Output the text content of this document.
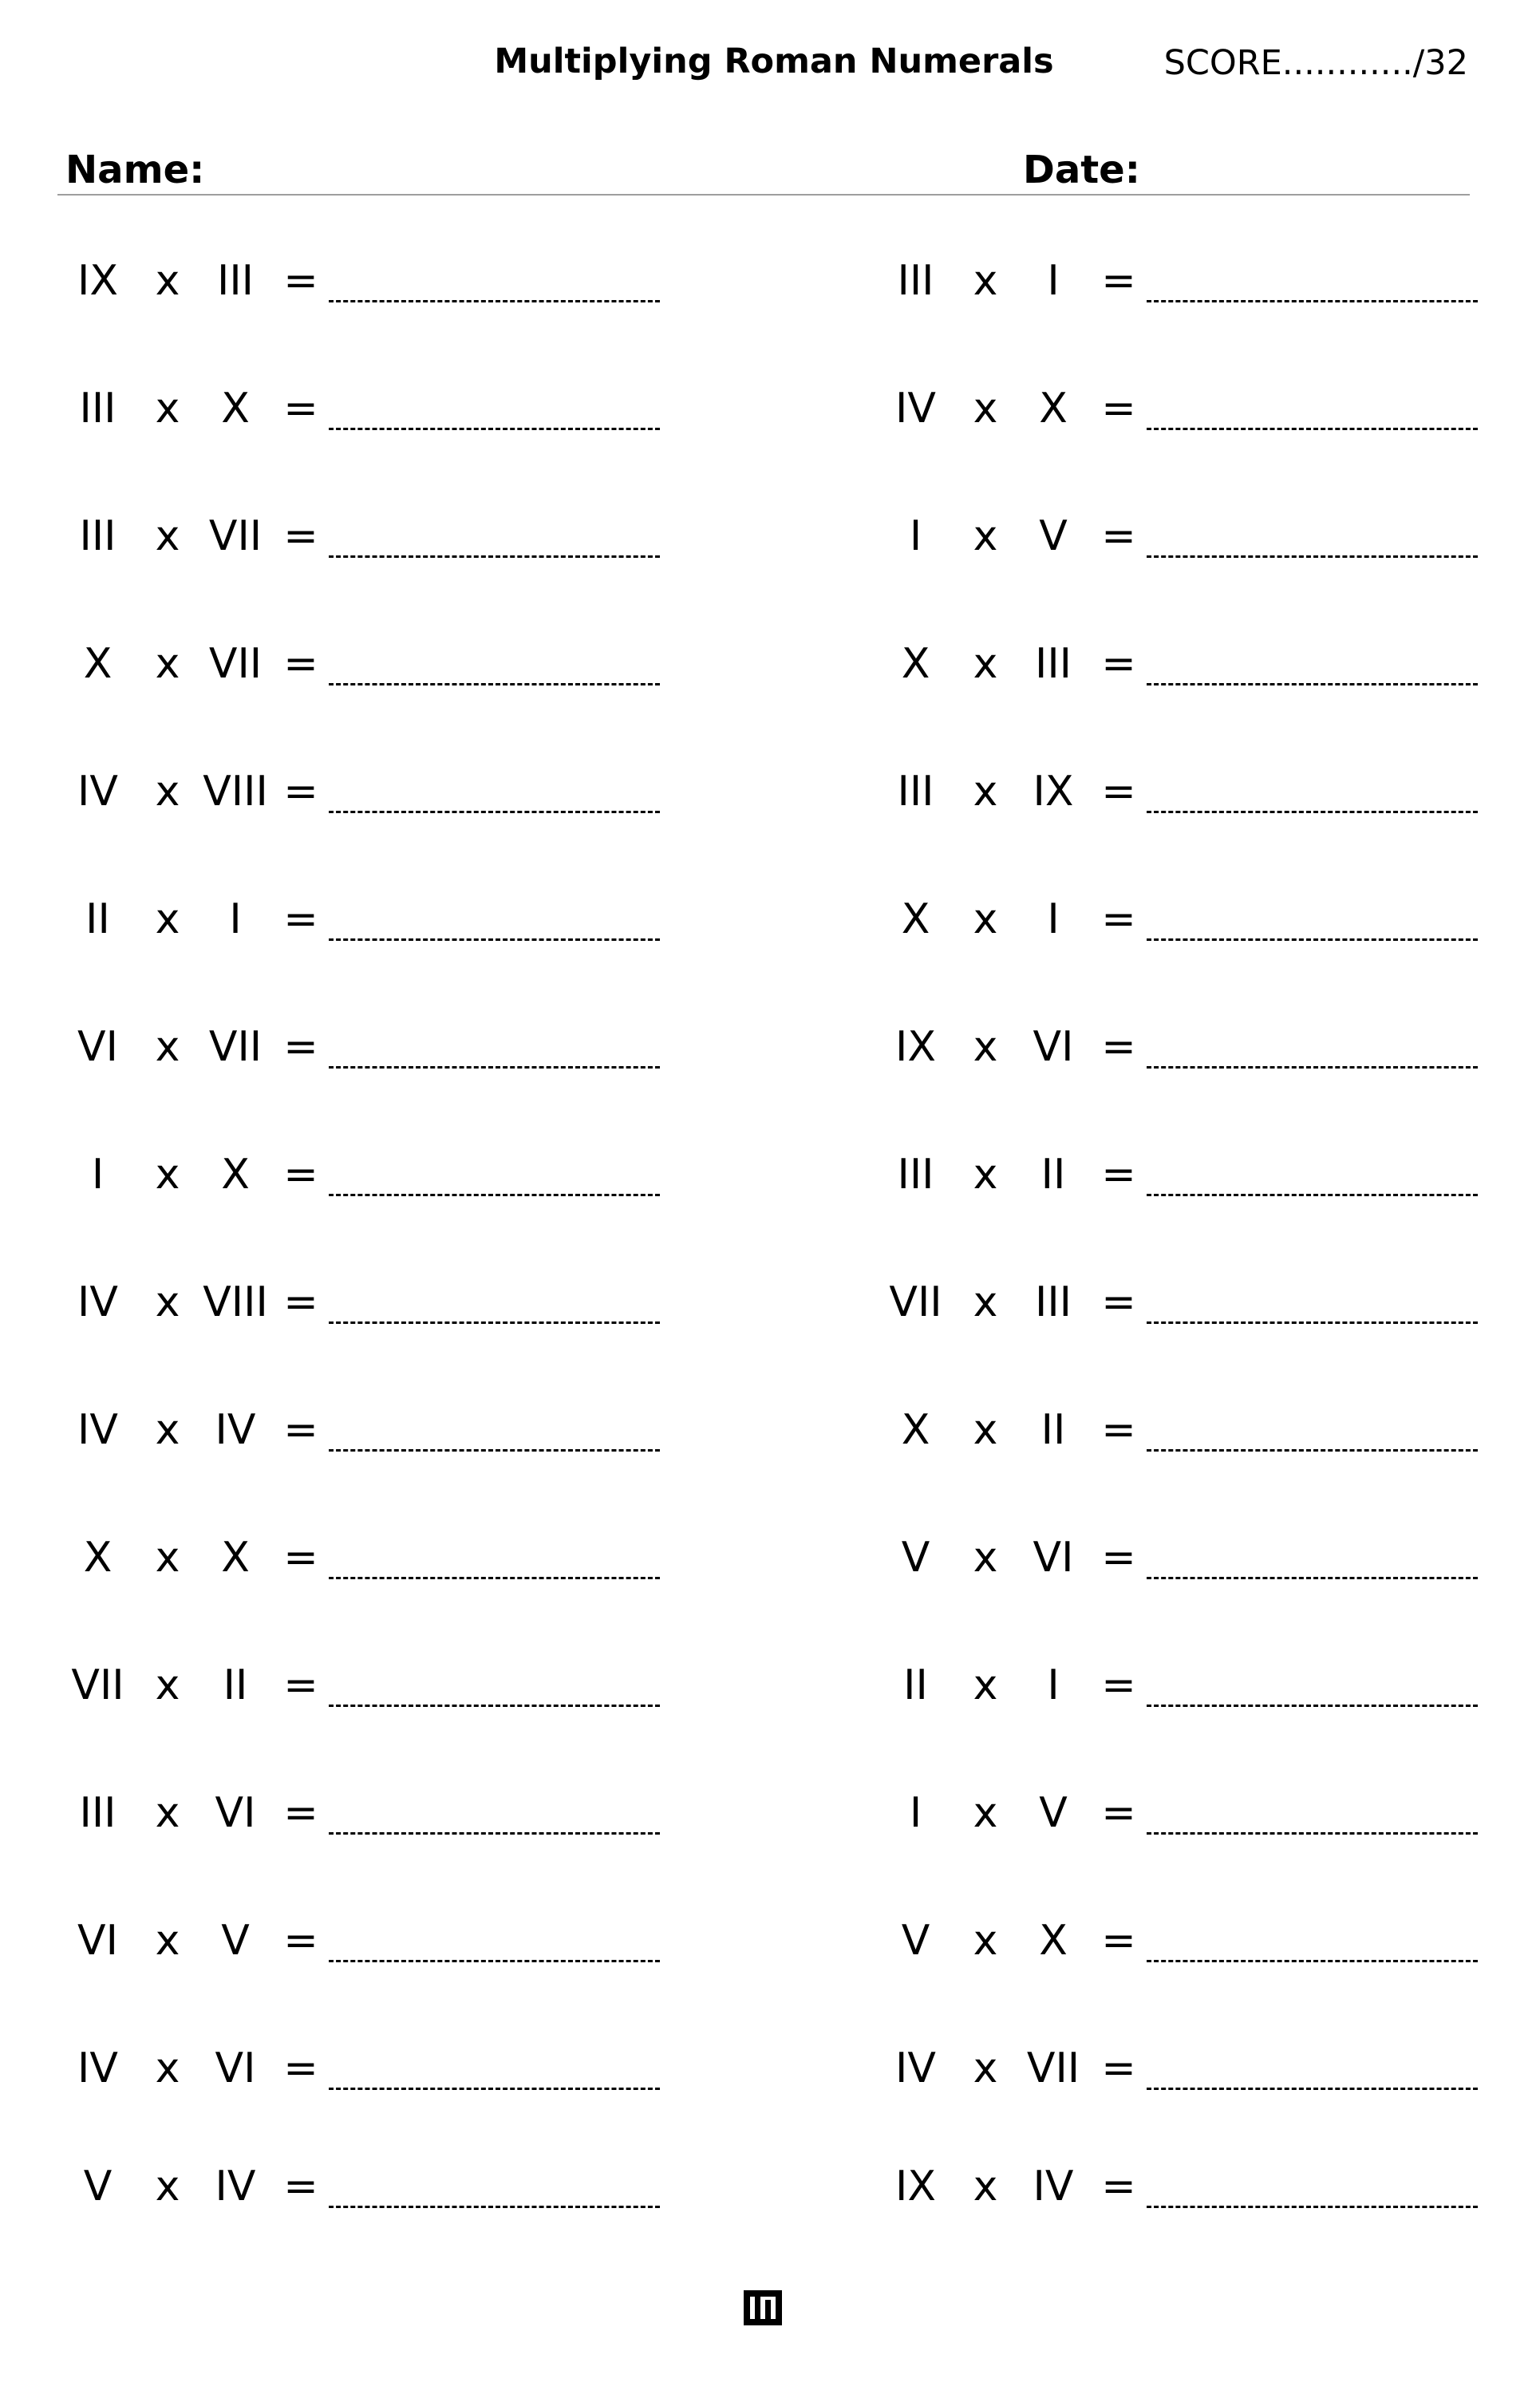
Multiplying Roman Numerals	SCORE............/32
Name:	Date:
IX x III =
III x X =
III x VII =
X	x VII =
IV x VIII =
II	x	I	=
VI x VII =
I	x X =
IV x VIII =
IV x IV =
X	x X =
VII x	II =
III x VI =
VI x V =
IV x VI =
V	x IV =
III x	I	=
IV x X =
I	x V =
X	x III =
III x IX =
X	x	I	=
IX x VI =
III x	II =
VII x III =
X	x	II =
V	x VI =
II	x	I	=
I	x V =
V	x X =
IV x VII =
IX x IV =
